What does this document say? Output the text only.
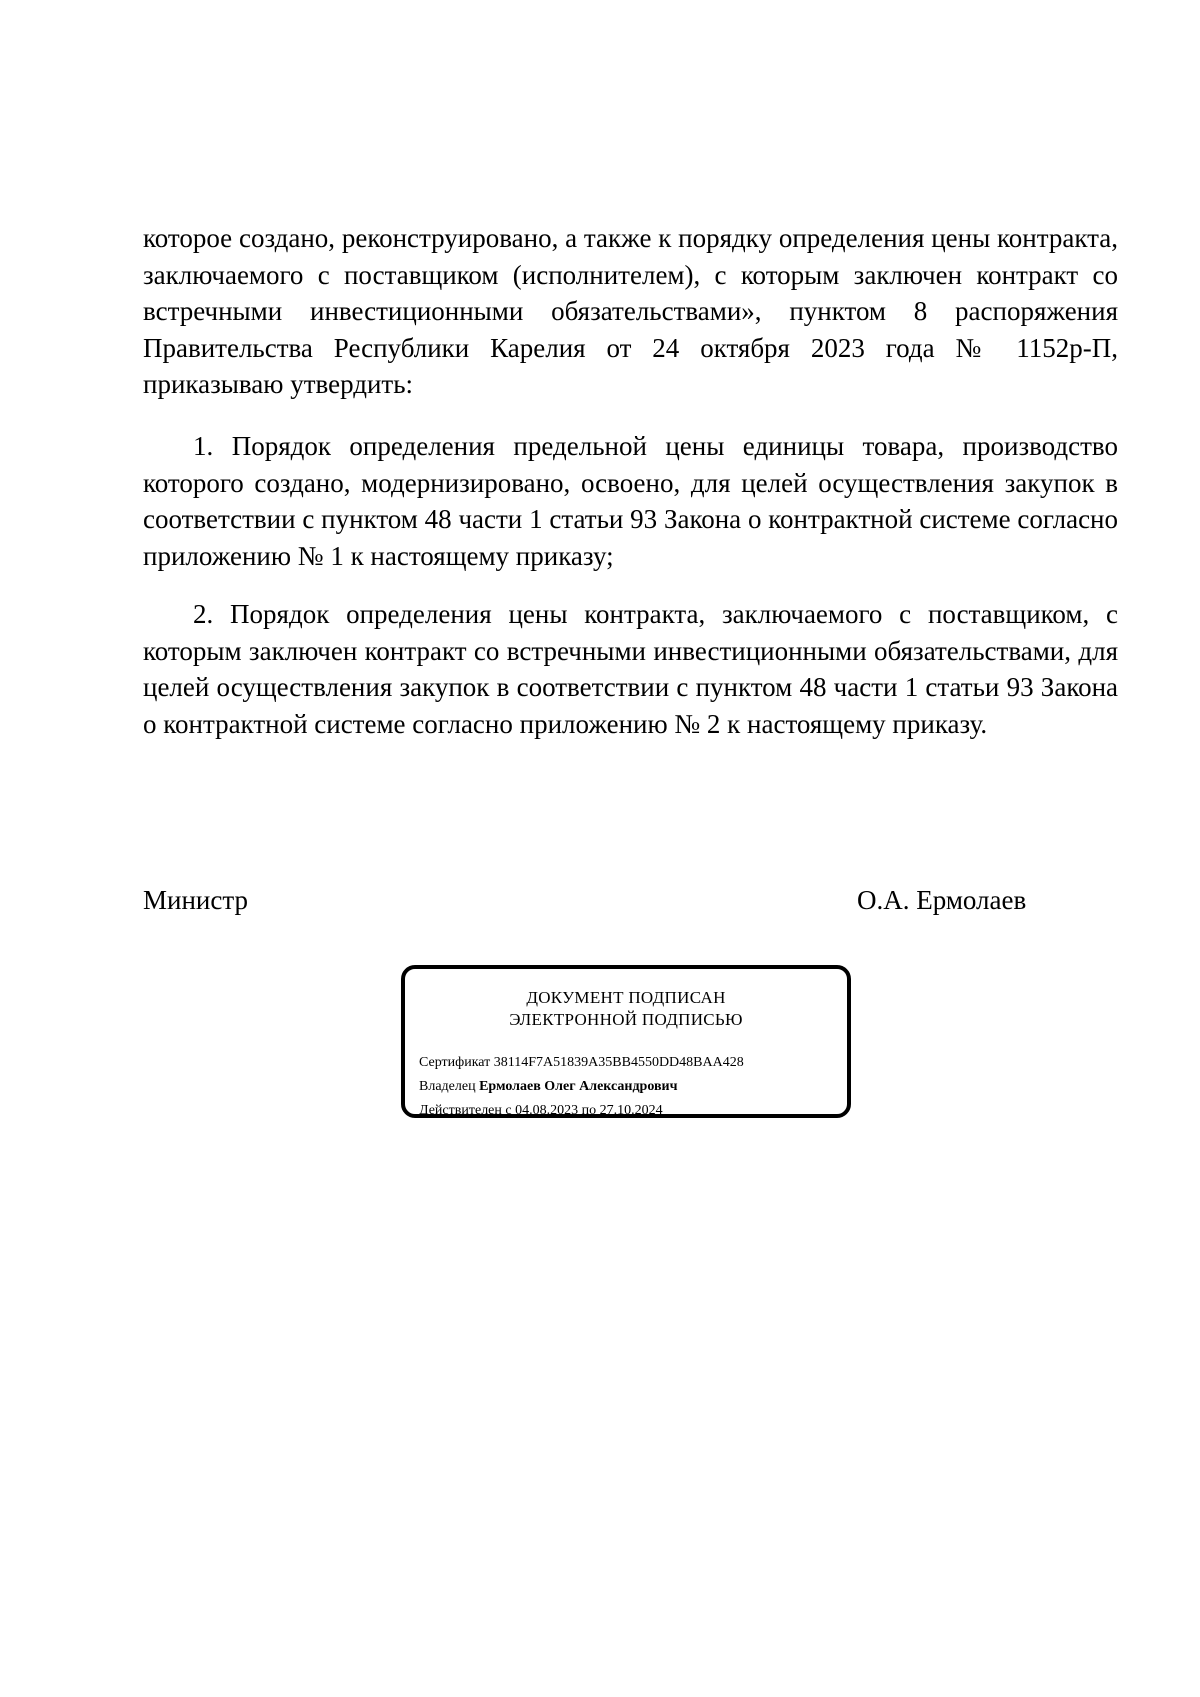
которое создано, реконструировано, а также к порядку определения цены контракта, заключаемого с поставщиком (исполнителем), с которым заключен контракт со встречными инвестиционными обязательствами», пунктом 8 распоряжения Правительства Республики Карелия от 24 октября 2023 года № 1152р-П, приказываю утвердить:

1. Порядок определения предельной цены единицы товара, производство которого создано, модернизировано, освоено, для целей осуществления закупок в соответствии с пунктом 48 части 1 статьи 93 Закона о контрактной системе согласно приложению № 1 к настоящему приказу;

2. Порядок определения цены контракта, заключаемого с поставщиком, с которым заключен контракт со встречными инвестиционными обязательствами, для целей осуществления закупок в соответствии с пунктом 48 части 1 статьи 93 Закона о контрактной системе согласно приложению № 2 к настоящему приказу.

Министр	О.А. Ермолаев
ДОКУМЕНТ ПОДПИСАН
ЭЛЕКТРОННОЙ ПОДПИСЬЮ
Сертификат 38114F7A51839A35BB4550DD48BAA428
Владелец Ермолаев Олег Александрович
Действителен с 04.08.2023 по 27.10.2024
